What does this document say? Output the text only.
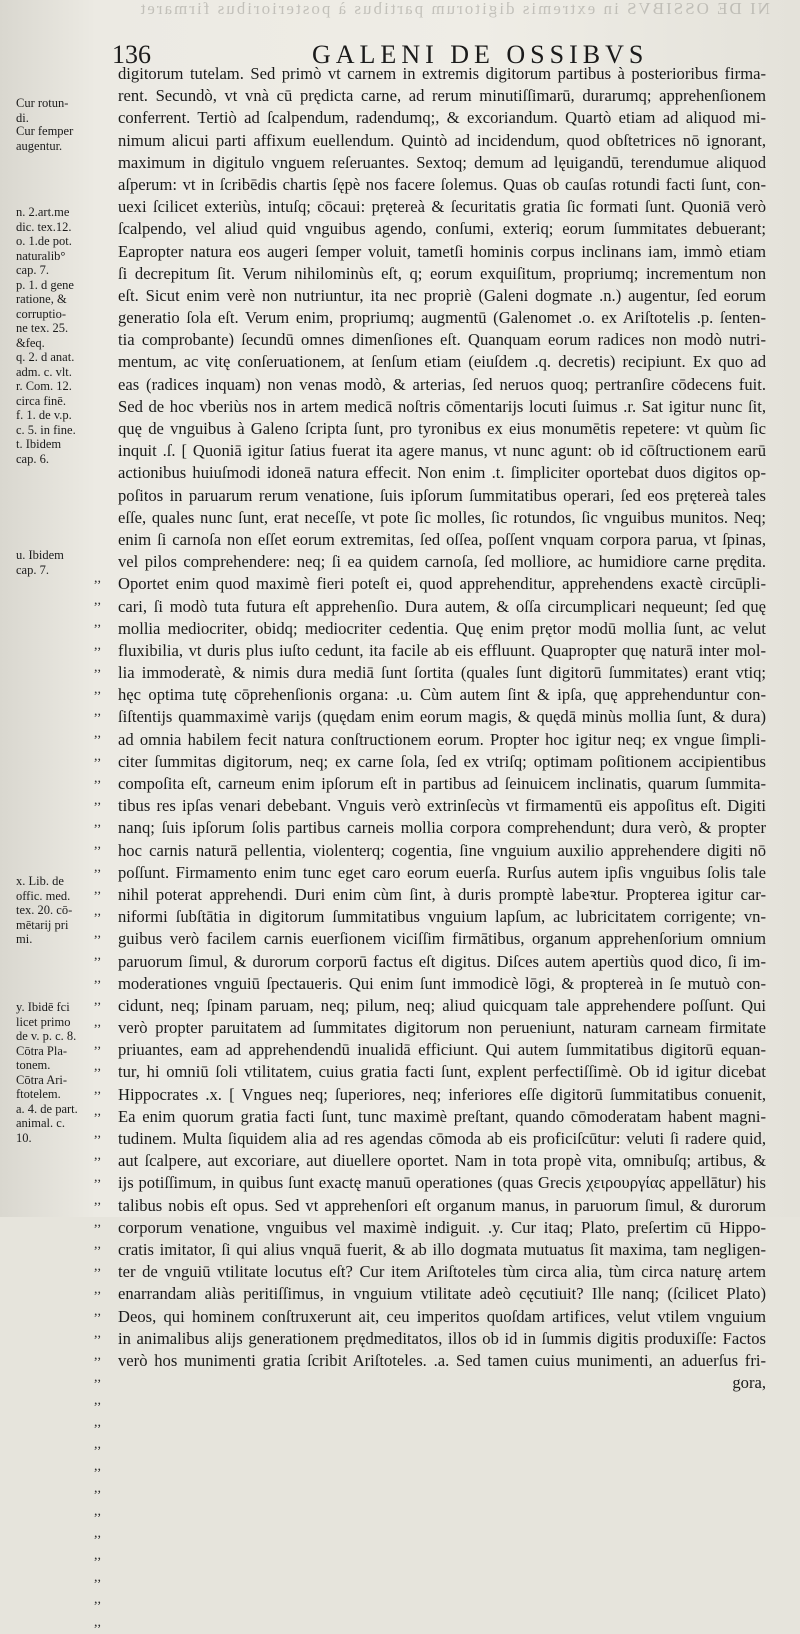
NI DE OSSIBVS in extremis digitorum partibus à posterioribus firmaret
136	GALENI DE OSSIBVS
Cur rotun-
di.
Cur femper
augentur.
n. 2.art.me
dic. tex.12.
o. 1.de pot.
naturalib°
cap. 7.
p. 1. d gene
ratione, &
corruptio-
ne tex. 25.
&feq.
q. 2. d anat.
adm. c. vlt.
r. Com. 12.
circa finē.
f. 1. de v.p.
c. 5. in fine.
t. Ibidem
cap. 6.
u. Ibidem
cap. 7.
x. Lib. de
offic. med.
tex. 20. cō-
mētarij pri
mi.
y. Ibidē fci
licet primo
de v. p. c. 8.
Cōtra Pla-
tonem.
Cōtra Ari-
ftotelem.
a. 4. de part.
animal. c.
10.
,,
,,
,,
,,
,,
,,
,,
,,
,,
,,
,,
,,
,,
,,
,,
,,
,,
,,
,,
,,
,,
,,
,,
,,
,,
,,
,,
,,
,,
,,
,,
,,
,,
,,
,,
,,
,,
,,
,,
,,
,,
,,
,,
,,
,,
,,
,,
,,
digitorum tutelam. Sed primò vt carnem in extremis digitorum partibus à posterioribus firma-
rent. Secundò, vt vnà cū prędicta carne, ad rerum minutiſſimarū, durarumq; apprehenſionem
conferrent. Tertiò ad ſcalpendum, radendumq;, & excoriandum. Quartò etiam ad aliquod mi-
nimum alicui parti affixum euellendum. Quintò ad incidendum, quod obſtetrices nō ignorant,
maximum in digitulo vnguem reſeruantes. Sextoq; demum ad lęuigandū, terendumue aliquod
aſperum: vt in ſcribēdis chartis ſępè nos facere ſolemus. Quas ob cauſas rotundi facti ſunt, con-
uexi ſcilicet exteriùs, intuſq; cōcaui: prętereà & ſecuritatis gratia ſic formati ſunt. Quoniā verò
ſcalpendo, vel aliud quid vnguibus agendo, conſumi, exteriq; eorum ſummitates debuerant;
Eapropter natura eos augeri ſemper voluit, tametſi hominis corpus inclinans iam, immò etiam
ſi decrepitum ſit. Verum nihilominùs eſt, q; eorum exquiſitum, propriumq; incrementum non
eſt. Sicut enim verè non nutriuntur, ita nec propriè (Galeni dogmate .n.) augentur, ſed eorum
generatio ſola eſt. Verum enim, propriumq; augmentū (Galenomet .o. ex Ariſtotelis .p. ſenten-
tia comprobante) ſecundū omnes dimenſiones eſt. Quanquam eorum radices non modò nutri-
mentum, ac vitę conſeruationem, at ſenſum etiam (eiuſdem .q. decretis) recipiunt. Ex quo ad
eas (radices inquam) non venas modò, & arterias, ſed neruos quoq; pertranſire cōdecens fuit.
Sed de hoc vberiùs nos in artem medicā noſtris cōmentarijs locuti ſuimus .r. Sat igitur nunc ſit,
quę de vnguibus à Galeno ſcripta ſunt, pro tyronibus ex eius monumētis repetere: vt quùm ſic
inquit .ſ. [ Quoniā igitur ſatius fuerat ita agere manus, vt nunc agunt: ob id cōſtructionem earū
actionibus huiuſmodi idoneā natura effecit. Non enim .t. ſimpliciter oportebat duos digitos op-
poſitos in paruarum rerum venatione, ſuis ipſorum ſummitatibus operari, ſed eos prętereà tales
eſſe, quales nunc ſunt, erat neceſſe, vt pote ſic molles, ſic rotundos, ſic vnguibus munitos. Neq;
enim ſi carnoſa non eſſet eorum extremitas, ſed oſſea, poſſent vnquam corpora parua, vt ſpinas,
vel pilos comprehendere: neq; ſi ea quidem carnoſa, ſed molliore, ac humidiore carne prędita.
Oportet enim quod maximè fieri poteſt ei, quod apprehenditur, apprehendens exactè circūpli-
cari, ſi modò tuta futura eſt apprehenſio. Dura autem, & oſſa circumplicari nequeunt; ſed quę
mollia mediocriter, obidq; mediocriter cedentia. Quę enim prętor modū mollia ſunt, ac velut
fluxibilia, vt duris plus iuſto cedunt, ita facile ab eis effluunt. Quapropter quę naturā inter mol-
lia immoderatè, & nimis dura mediā ſunt ſortita (quales ſunt digitorū ſummitates) erant vtiq;
hęc optima tutę cōprehenſionis organa: .u. Cùm autem ſint & ipſa, quę apprehenduntur con-
ſiſtentijs quammaximè varijs (quędam enim eorum magis, & quędā minùs mollia ſunt, & dura)
ad omnia habilem fecit natura conſtructionem eorum. Propter hoc igitur neq; ex vngue ſimpli-
citer ſummitas digitorum, neq; ex carne ſola, ſed ex vtriſq; optimam poſitionem accipientibus
compoſita eſt, carneum enim ipſorum eſt in partibus ad ſeinuicem inclinatis, quarum ſummita-
tibus res ipſas venari debebant. Vnguis verò extrinſecùs vt firmamentū eis appoſitus eſt. Digiti
nanq; ſuis ipſorum ſolis partibus carneis mollia corpora comprehendunt; dura verò, & propter
hoc carnis naturā pellentia, violenterq; cogentia, ſine vnguium auxilio apprehendere digiti nō
poſſunt. Firmamento enim tunc eget caro eorum euerſa. Rurſus autem ipſis vnguibus ſolis tale
nihil poterat apprehendi. Duri enim cùm ſint, à duris promptè labeꝛtur. Propterea igitur car-
niformi ſubſtātia in digitorum ſummitatibus vnguium lapſum, ac lubricitatem corrigente; vn-
guibus verò facilem carnis euerſionem viciſſim firmātibus, organum apprehenſorium omnium
paruorum ſimul, & durorum corporū factus eſt digitus. Diſces autem apertiùs quod dico, ſi im-
moderationes vnguiū ſpectaueris. Qui enim ſunt immodicè lōgi, & proptereà in ſe mutuò con-
cidunt, neq; ſpinam paruam, neq; pilum, neq; aliud quicquam tale apprehendere poſſunt. Qui
verò propter paruitatem ad ſummitates digitorum non perueniunt, naturam carneam firmitate
priuantes, eam ad apprehendendū inualidā efficiunt. Qui autem ſummitatibus digitorū equan-
tur, hi omniū ſoli vtilitatem, cuius gratia facti ſunt, explent perfectiſſimè. Ob id igitur dicebat
Hippocrates .x. [ Vngues neq; ſuperiores, neq; inferiores eſſe digitorū ſummitatibus conuenit,
Ea enim quorum gratia facti ſunt, tunc maximè preſtant, quando cōmoderatam habent magni-
tudinem. Multa ſiquidem alia ad res agendas cōmoda ab eis proficiſcūtur: veluti ſi radere quid,
aut ſcalpere, aut excoriare, aut diuellere oportet. Nam in tota propè vita, omnibuſq; artibus, &
ijs potiſſimum, in quibus ſunt exactę manuū operationes (quas Grecis χειρουργίας appellātur) his
talibus nobis eſt opus. Sed vt apprehenſori eſt organum manus, in paruorum ſimul, & durorum
corporum venatione, vnguibus vel maximè indiguit. .y. Cur itaq; Plato, preſertim cū Hippo-
cratis imitator, ſi qui alius vnquā fuerit, & ab illo dogmata mutuatus ſit maxima, tam negligen-
ter de vnguiū vtilitate locutus eſt? Cur item Ariſtoteles tùm circa alia, tùm circa naturę artem
enarrandam aliàs peritiſſimus, in vnguium vtilitate adeò cęcutiuit? Ille nanq; (ſcilicet Plato)
Deos, qui hominem conſtruxerunt ait, ceu imperitos quoſdam artifices, velut vtilem vnguium
in animalibus alijs generationem prędmeditatos, illos ob id in ſummis digitis produxiſſe: Factos
verò hos munimenti gratia ſcribit Ariſtoteles. .a. Sed tamen cuius munimenti, an aduerſus fri-
gora,
